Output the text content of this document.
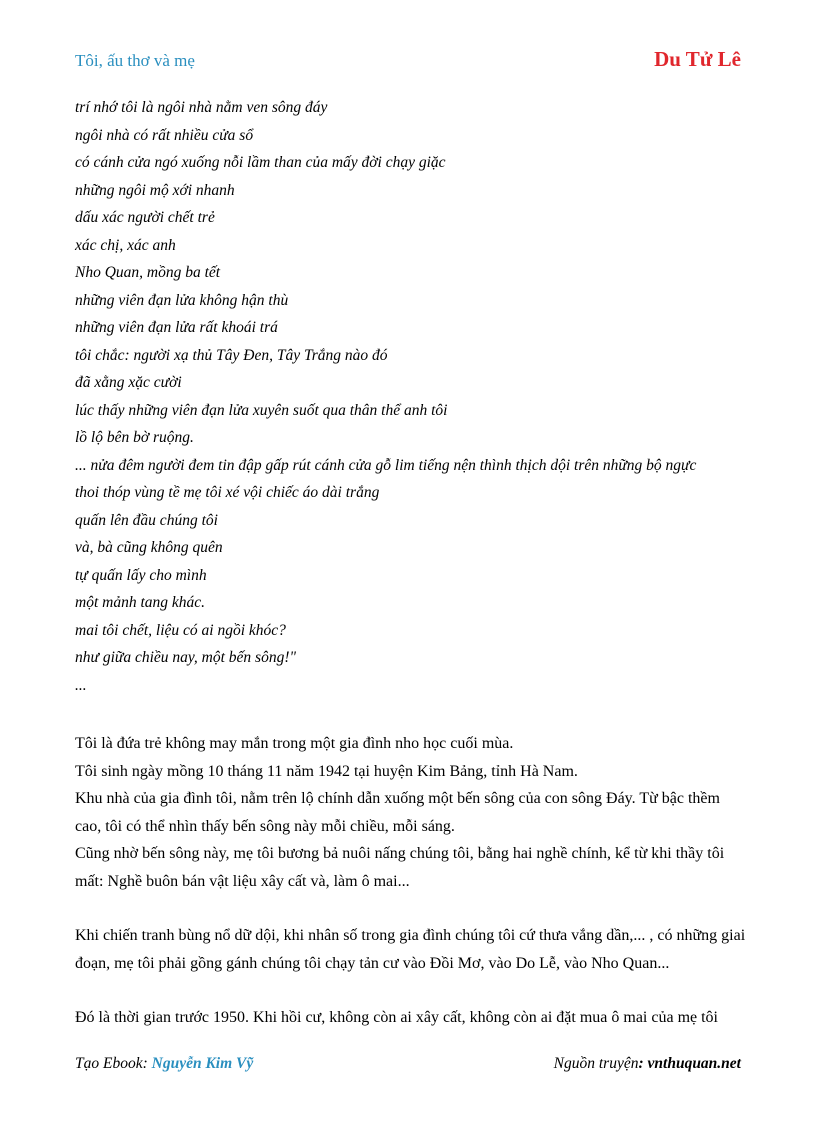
Tôi, ấu thơ và mẹ	Du Tử Lê
trí nhớ tôi là ngôi nhà nằm ven sông đáy
ngôi nhà có rất nhiều cửa sổ
có cánh cửa ngó xuống nỗi lầm than của mấy đời chạy giặc
những ngôi mộ xới nhanh
dấu xác người chết trẻ
xác chị, xác anh
Nho Quan, mồng ba tết
những viên đạn lửa không hận thù
những viên đạn lửa rất khoái trá
tôi chắc: người xạ thủ Tây Đen, Tây Trắng nào đó
đã xằng xặc cười
lúc thấy những viên đạn lửa xuyên suốt qua thân thể anh tôi
lồ lộ bên bờ ruộng.
... nửa đêm người đem tin đập gấp rút cánh cửa gỗ lim tiếng nện thình thịch dội trên những bộ ngực
thoi thóp vùng tề mẹ tôi xé vội chiếc áo dài trắng
quấn lên đầu chúng tôi
và, bà cũng không quên
tự quấn lấy cho mình
một mảnh tang khác.
mai tôi chết, liệu có ai ngồi khóc?
như giữa chiều nay, một bến sông!"
...

Tôi là đứa trẻ không may mắn trong một gia đình nho học cuối mùa.
Tôi sinh ngày mồng 10 tháng 11 năm 1942 tại huyện Kim Bảng, tỉnh Hà Nam.
Khu nhà của gia đình tôi, nằm trên lộ chính dẫn xuống một bến sông của con sông Đáy. Từ bậc thềm cao, tôi có thể nhìn thấy bến sông này mỗi chiều, mỗi sáng.
Cũng nhờ bến sông này, mẹ tôi bương bả nuôi nấng chúng tôi, bằng hai nghề chính, kể từ khi thầy tôi mất: Nghề buôn bán vật liệu xây cất và, làm ô mai...

Khi chiến tranh bùng nổ dữ dội, khi nhân số trong gia đình chúng tôi cứ thưa vắng dần,... , có những giai đoạn, mẹ tôi phải gồng gánh chúng tôi chạy tản cư vào Đồi Mơ, vào Do Lễ, vào Nho Quan...

Đó là thời gian trước 1950. Khi hồi cư, không còn ai xây cất, không còn ai đặt mua ô mai của mẹ tôi

Tạo Ebook: Nguyễn Kim Vỹ	Nguồn truyện: vnthuquan.net
